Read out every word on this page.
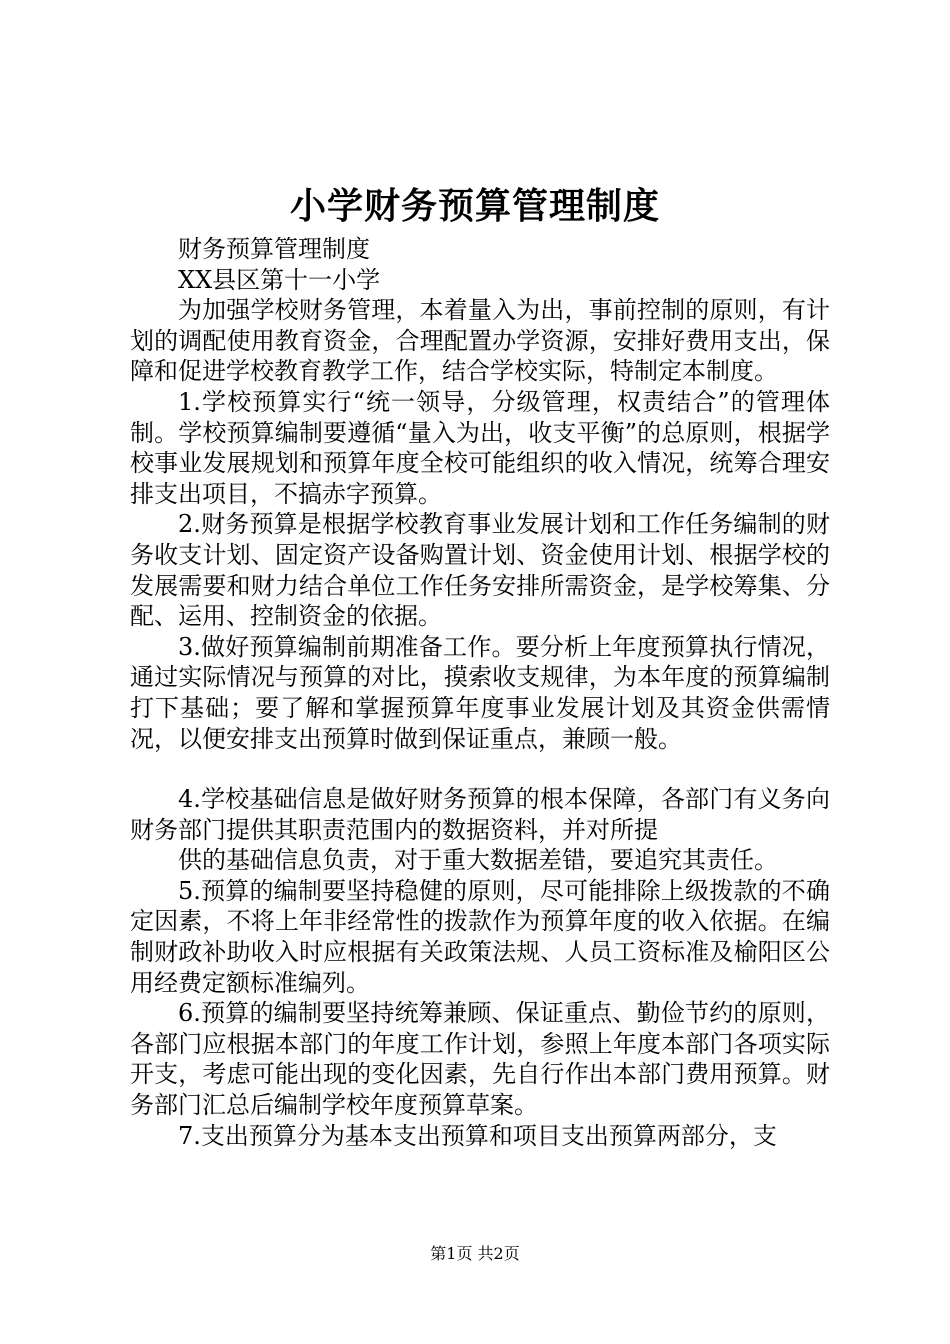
小学财务预算管理制度

财务预算管理制度

XX县区第十一小学

为加强学校财务管理，本着量入为出，事前控制的原则，有计划的调配使用教育资金，合理配置办学资源，安排好费用支出，保障和促进学校教育教学工作，结合学校实际，特制定本制度。

1.学校预算实行“统一领导，分级管理，权责结合”的管理体制。学校预算编制要遵循“量入为出，收支平衡”的总原则，根据学校事业发展规划和预算年度全校可能组织的收入情况，统筹合理安排支出项目，不搞赤字预算。

2.财务预算是根据学校教育事业发展计划和工作任务编制的财务收支计划、固定资产设备购置计划、资金使用计划、根据学校的发展需要和财力结合单位工作任务安排所需资金，是学校筹集、分配、运用、控制资金的依据。

3.做好预算编制前期准备工作。要分析上年度预算执行情况，通过实际情况与预算的对比，摸索收支规律，为本年度的预算编制打下基础；要了解和掌握预算年度事业发展计划及其资金供需情况，以便安排支出预算时做到保证重点，兼顾一般。

4.学校基础信息是做好财务预算的根本保障，各部门有义务向财务部门提供其职责范围内的数据资料，并对所提

供的基础信息负责，对于重大数据差错，要追究其责任。

5.预算的编制要坚持稳健的原则，尽可能排除上级拨款的不确定因素，不将上年非经常性的拨款作为预算年度的收入依据。在编制财政补助收入时应根据有关政策法规、人员工资标准及榆阳区公用经费定额标准编列。

6.预算的编制要坚持统筹兼顾、保证重点、勤俭节约的原则，各部门应根据本部门的年度工作计划，参照上年度本部门各项实际开支，考虑可能出现的变化因素，先自行作出本部门费用预算。财务部门汇总后编制学校年度预算草案。

7.支出预算分为基本支出预算和项目支出预算两部分，支

第1页 共2页
